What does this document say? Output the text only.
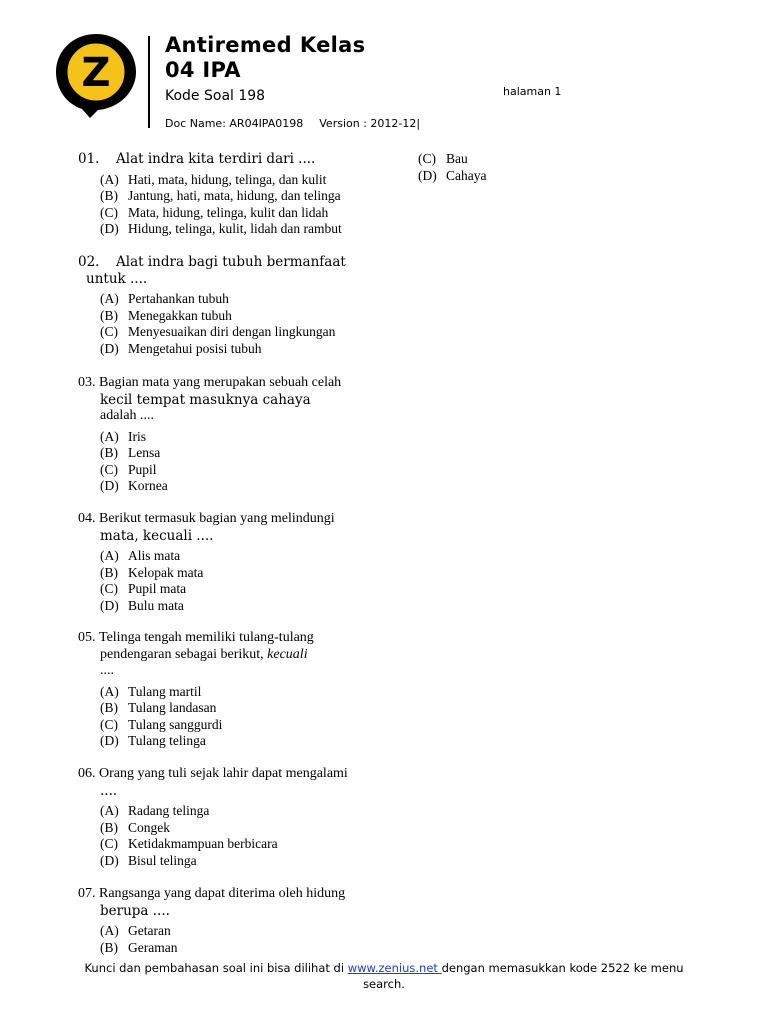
Z
Antiremed Kelas
04 IPA
Kode Soal 198	halaman 1
Doc Name: AR04IPA0198 Version : 2012-12|
01. Alat indra kita terdiri dari ....
(A) Hati, mata, hidung, telinga, dan kulit
(B) Jantung, hati, mata, hidung, dan telinga
(C) Mata, hidung, telinga, kulit dan lidah
(D) Hidung, telinga, kulit, lidah dan rambut
02. Alat indra bagi tubuh bermanfaat
untuk ....
(A) Pertahankan tubuh
(B) Menegakkan tubuh
(C) Menyesuaikan diri dengan lingkungan
(D) Mengetahui posisi tubuh
03. Bagian mata yang merupakan sebuah celah
kecil tempat masuknya cahaya
adalah ....
(A) Iris
(B) Lensa
(C) Pupil
(D) Kornea
04. Berikut termasuk bagian yang melindungi
mata, kecuali ....
(A) Alis mata
(B) Kelopak mata
(C) Pupil mata
(D) Bulu mata
05. Telinga tengah memiliki tulang-tulang
pendengaran sebagai berikut, kecuali
....
(A) Tulang martil
(B) Tulang landasan
(C) Tulang sanggurdi
(D) Tulang telinga
06. Orang yang tuli sejak lahir dapat mengalami
....
(A) Radang telinga
(B) Congek
(C) Ketidakmampuan berbicara
(D) Bisul telinga
07. Rangsanga yang dapat diterima oleh hidung
berupa ....
(A) Getaran
(B) Geraman
(C) Bau
(D) Cahaya
Kunci dan pembahasan soal ini bisa dilihat di www.zenius.net dengan memasukkan kode 2522 ke menu
search.
